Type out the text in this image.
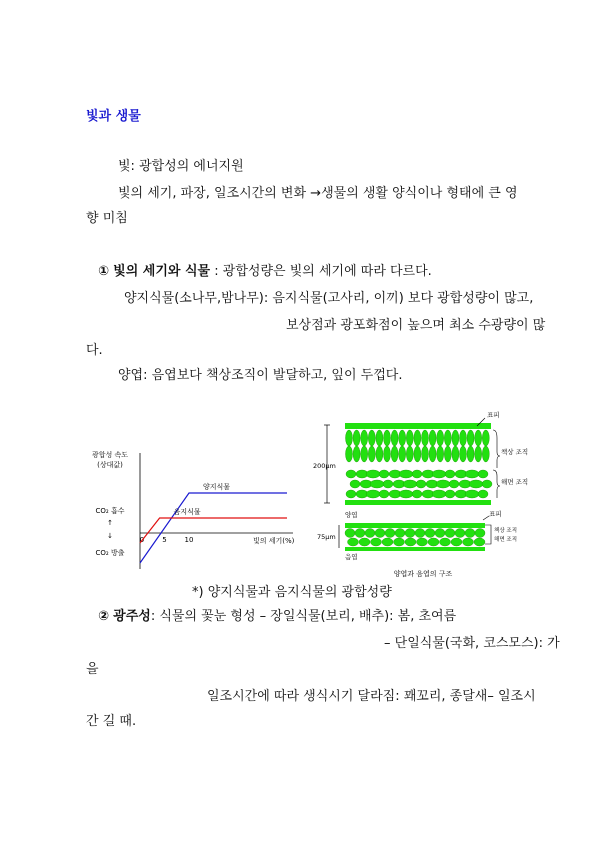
빛과 생물
빛: 광합성의 에너지원
빛의 세기, 파장, 일조시간의 변화 →생물의 생활 양식이나 형태에 큰 영
향 미침
① 빛의 세기와 식물 : 광합성량은 빛의 세기에 따라 다르다.
양지식물(소나무,밤나무): 음지식물(고사리, 이끼) 보다 광합성량이 많고,
보상점과 광포화점이 높으며 최소 수광량이 많
다.
양엽: 음엽보다 책상조직이 발달하고, 잎이 두껍다.
광합성 속도 (상대값)
CO₂ 흡수
↑
↓
CO₂ 방출
0	5	10	빛의 세기(%)
양지식물
음지식물
200μm
양엽
75μm
음엽
표피
책상 조직
해면 조직
표피
책상 조직
해면 조직
양엽과 음엽의 구조
*) 양지식물과 음지식물의 광합성량
② 광주성: 식물의 꽃눈 형성 – 장일식물(보리, 배추): 봄, 초여름
– 단일식물(국화, 코스모스): 가
을
일조시간에 따라 생식시기 달라짐: 꽤꼬리, 종달새– 일조시
간 길 때.
